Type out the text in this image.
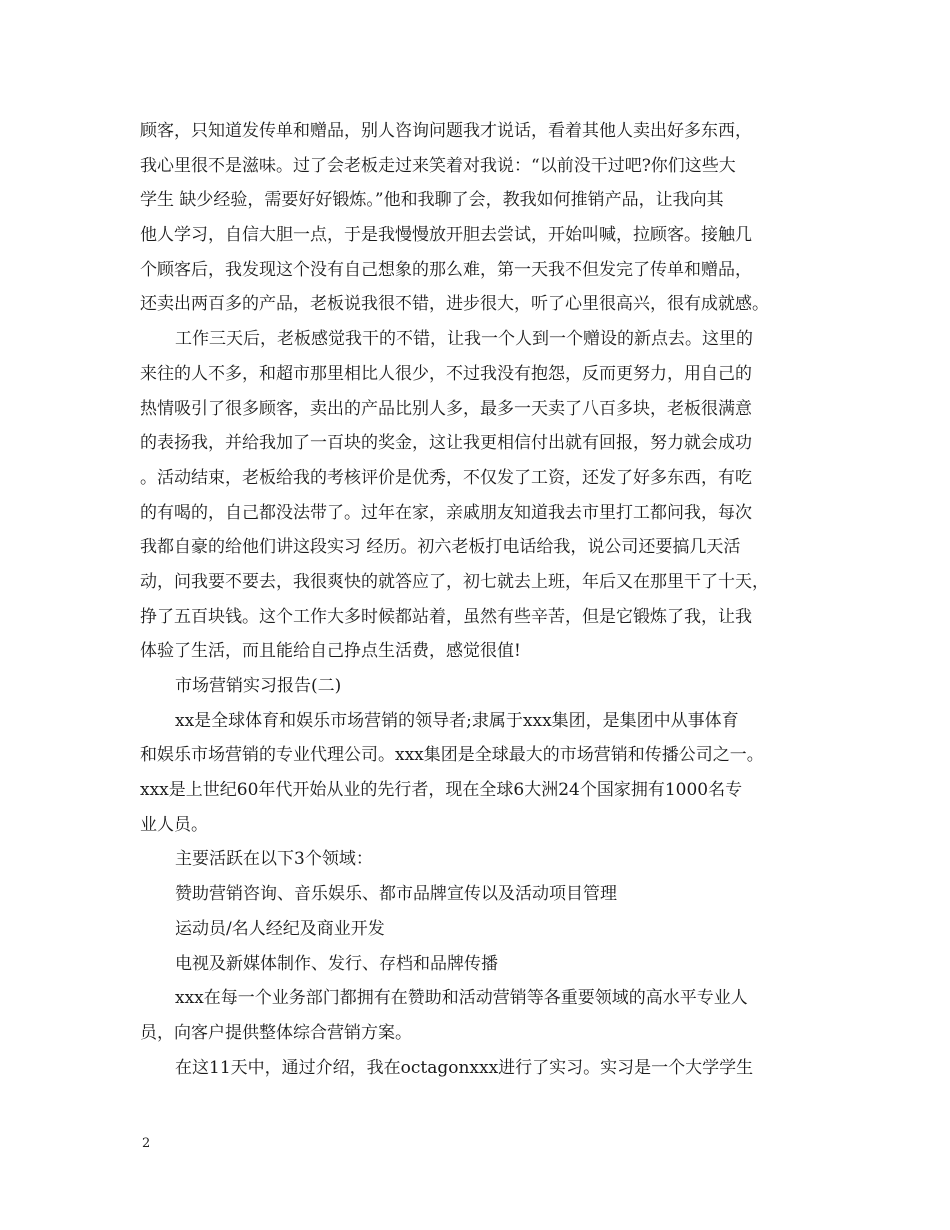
顾客，只知道发传单和赠品，别人咨询问题我才说话，看着其他人卖出好多东西，
我心里很不是滋味。过了会老板走过来笑着对我说：“以前没干过吧?你们这些大
学生 缺少经验，需要好好锻炼。”他和我聊了会，教我如何推销产品，让我向其
他人学习，自信大胆一点，于是我慢慢放开胆去尝试，开始叫喊，拉顾客。接触几
个顾客后，我发现这个没有自己想象的那么难，第一天我不但发完了传单和赠品，
还卖出两百多的产品，老板说我很不错，进步很大，听了心里很高兴，很有成就感。
工作三天后，老板感觉我干的不错，让我一个人到一个赠设的新点去。这里的
来往的人不多，和超市那里相比人很少，不过我没有抱怨，反而更努力，用自己的
热情吸引了很多顾客，卖出的产品比别人多，最多一天卖了八百多块，老板很满意
的表扬我，并给我加了一百块的奖金，这让我更相信付出就有回报，努力就会成功
。活动结束，老板给我的考核评价是优秀，不仅发了工资，还发了好多东西，有吃
的有喝的，自己都没法带了。过年在家，亲戚朋友知道我去市里打工都问我，每次
我都自豪的给他们讲这段实习 经历。初六老板打电话给我，说公司还要搞几天活
动，问我要不要去，我很爽快的就答应了，初七就去上班，年后又在那里干了十天，
挣了五百块钱。这个工作大多时候都站着，虽然有些辛苦，但是它锻炼了我，让我
体验了生活，而且能给自己挣点生活费，感觉很值!
市场营销实习报告(二)
xx是全球体育和娱乐市场营销的领导者;隶属于xxx集团，是集团中从事体育
和娱乐市场营销的专业代理公司。xxx集团是全球最大的市场营销和传播公司之一。
xxx是上世纪60年代开始从业的先行者，现在全球6大洲24个国家拥有1000名专
业人员。
主要活跃在以下3个领域：
赞助营销咨询、音乐娱乐、都市品牌宣传以及活动项目管理
运动员/名人经纪及商业开发
电视及新媒体制作、发行、存档和品牌传播
xxx在每一个业务部门都拥有在赞助和活动营销等各重要领域的高水平专业人
员，向客户提供整体综合营销方案。
在这11天中，通过介绍，我在octagonxxx进行了实习。实习是一个大学学生
2
